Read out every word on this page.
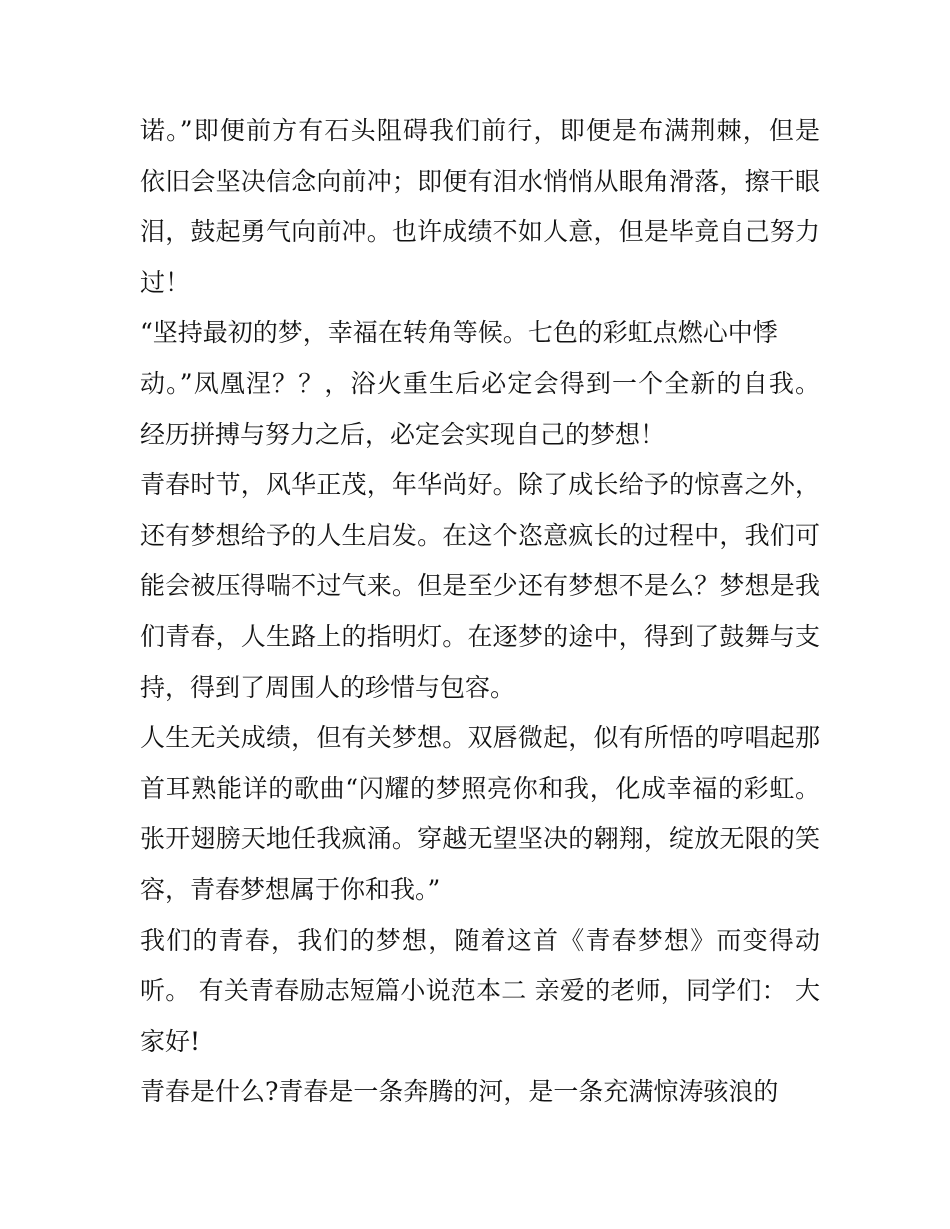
诺。”即便前方有石头阻碍我们前行，即便是布满荆棘，但是
依旧会坚决信念向前冲；即便有泪水悄悄从眼角滑落，擦干眼
泪，鼓起勇气向前冲。也许成绩不如人意，但是毕竟自己努力
过！
“坚持最初的梦，幸福在转角等候。七色的彩虹点燃心中悸
动。”凤凰涅？？，浴火重生后必定会得到一个全新的自我。
经历拼搏与努力之后，必定会实现自己的梦想！
青春时节，风华正茂，年华尚好。除了成长给予的惊喜之外，
还有梦想给予的人生启发。在这个恣意疯长的过程中，我们可
能会被压得喘不过气来。但是至少还有梦想不是么？梦想是我
们青春，人生路上的指明灯。在逐梦的途中，得到了鼓舞与支
持，得到了周围人的珍惜与包容。
人生无关成绩，但有关梦想。双唇微起，似有所悟的哼唱起那
首耳熟能详的歌曲“闪耀的梦照亮你和我，化成幸福的彩虹。
张开翅膀天地任我疯涌。穿越无望坚决的翱翔，绽放无限的笑
容，青春梦想属于你和我。”
我们的青春，我们的梦想，随着这首《青春梦想》而变得动
听。 有关青春励志短篇小说范本二 亲爱的老师，同学们： 大
家好!
青春是什么?青春是一条奔腾的河，是一条充满惊涛骇浪的
